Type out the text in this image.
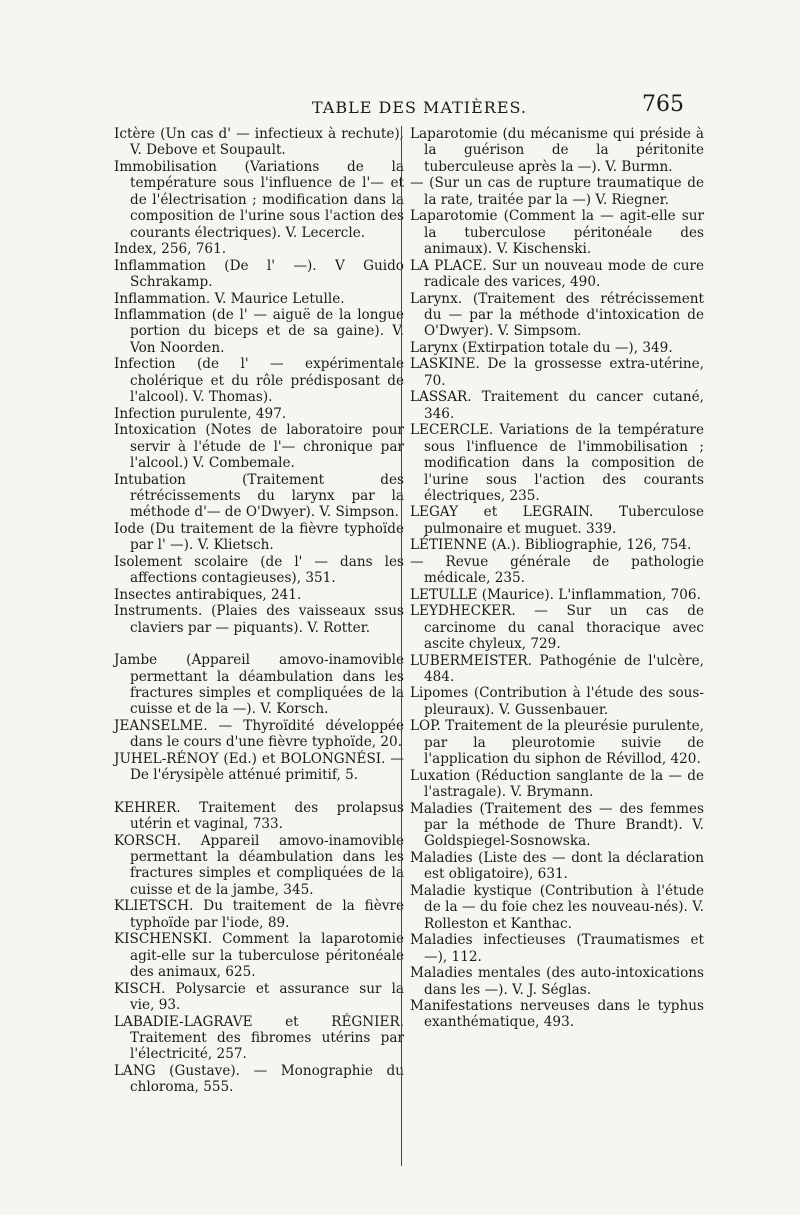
TABLE DES MATIÈRES.	765

Ictère (Un cas d' — infectieux à rechute), V. Debove et Soupault.

Immobilisation (Variations de la température sous l'influence de l'— et de l'électrisation ; modification dans la composition de l'urine sous l'action des courants électriques). V. Lecercle.

Index, 256, 761.

Inflammation (De l' —). V Guido Schrakamp.

Inflammation. V. Maurice Letulle.

Inflammation (de l' — aiguë de la longue portion du biceps et de sa gaine). V. Von Noorden.

Infection (de l' — expérimentale cholérique et du rôle prédisposant de l'alcool). V. Thomas).

Infection purulente, 497.

Intoxication (Notes de laboratoire pour servir à l'étude de l'— chronique par l'alcool.) V. Combemale.

Intubation (Traitement des rétrécissements du larynx par la méthode d'— de O'Dwyer). V. Simpson.

Iode (Du traitement de la fièvre typhoïde par l' —). V. Klietsch.

Isolement scolaire (de l' — dans les affections contagieuses), 351.

Insectes antirabiques, 241.

Instruments. (Plaies des vaisseaux ssus claviers par — piquants). V. Rotter.

Jambe (Appareil amovo-inamovible permettant la déambulation dans les fractures simples et compliquées de la cuisse et de la —). V. Korsch.

JEANSELME. — Thyroïdité développée dans le cours d'une fièvre typhoïde, 20.

JUHEL-RÉNOY (Ed.) et BOLONGNÉSI. — De l'érysipèle atténué primitif, 5.

KEHRER. Traitement des prolapsus utérin et vaginal, 733.

KORSCH. Appareil amovo-inamovible permettant la déambulation dans les fractures simples et compliquées de la cuisse et de la jambe, 345.

KLIETSCH. Du traitement de la fièvre typhoïde par l'iode, 89.

KISCHENSKI. Comment la laparotomie agit-elle sur la tuberculose péritonéale des animaux, 625.

KISCH. Polysarcie et assurance sur la vie, 93.

LABADIE-LAGRAVE et RÉGNIER. Traitement des fibromes utérins par l'électricité, 257.

LANG (Gustave). — Monographie du chloroma, 555.

Laparotomie (du mécanisme qui préside à la guérison de la péritonite tuberculeuse après la —). V. Burmn.

— (Sur un cas de rupture traumatique de la rate, traitée par la —) V. Riegner.

Laparotomie (Comment la — agit-elle sur la tuberculose péritonéale des animaux). V. Kischenski.

LA PLACE. Sur un nouveau mode de cure radicale des varices, 490.

Larynx. (Traitement des rétrécissement du — par la méthode d'intoxication de O'Dwyer). V. Simpsom.

Larynx (Extirpation totale du —), 349.

LASKINE. De la grossesse extra-utérine, 70.

LASSAR. Traitement du cancer cutané, 346.

LECERCLE. Variations de la température sous l'influence de l'immobilisation ; modification dans la composition de l'urine sous l'action des courants électriques, 235.

LEGAY et LEGRAIN. Tuberculose pulmonaire et muguet. 339.

LÉTIENNE (A.). Bibliographie, 126, 754.

— Revue générale de pathologie médicale, 235.

LETULLE (Maurice). L'inflammation, 706.

LEYDHECKER. — Sur un cas de carcinome du canal thoracique avec ascite chyleux, 729.

LUBERMEISTER. Pathogénie de l'ulcère, 484.

Lipomes (Contribution à l'étude des sous-pleuraux). V. Gussenbauer.

LOP. Traitement de la pleurésie purulente, par la pleurotomie suivie de l'application du siphon de Révillod, 420.

Luxation (Réduction sanglante de la — de l'astragale). V. Brymann.

Maladies (Traitement des — des femmes par la méthode de Thure Brandt). V. Goldspiegel-Sosnowska.

Maladies (Liste des — dont la déclaration est obligatoire), 631.

Maladie kystique (Contribution à l'étude de la — du foie chez les nouveau-nés). V. Rolleston et Kanthac.

Maladies infectieuses (Traumatismes et —), 112.

Maladies mentales (des auto-intoxications dans les —). V. J. Séglas.

Manifestations nerveuses dans le typhus exanthématique, 493.
